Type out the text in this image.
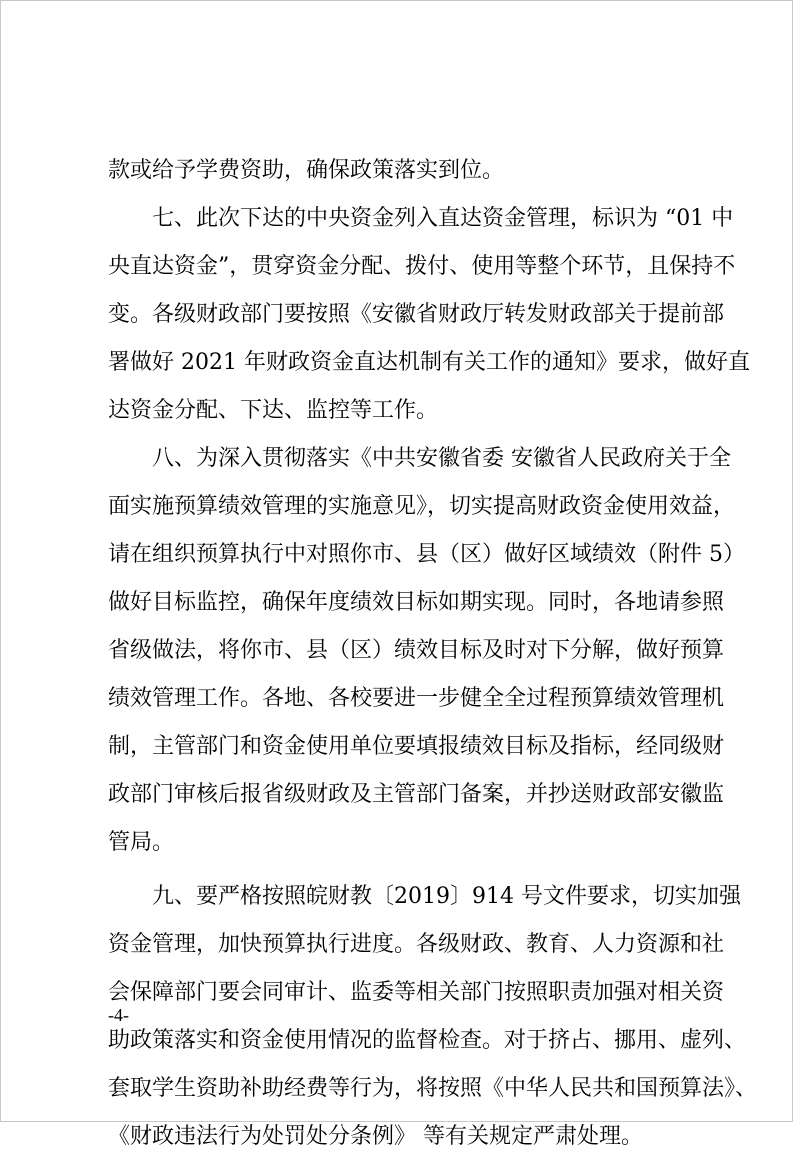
款或给予学费资助，确保政策落实到位。
七、此次下达的中央资金列入直达资金管理，标识为 “01 中
央直达资金”，贯穿资金分配、拨付、使用等整个环节，且保持不
变。各级财政部门要按照《安徽省财政厅转发财政部关于提前部
署做好 2021 年财政资金直达机制有关工作的通知》要求，做好直
达资金分配、下达、监控等工作。
八、为深入贯彻落实《中共安徽省委 安徽省人民政府关于全
面实施预算绩效管理的实施意见》，切实提高财政资金使用效益，
请在组织预算执行中对照你市、县（区）做好区域绩效（附件 5）
做好目标监控，确保年度绩效目标如期实现。同时，各地请参照
省级做法，将你市、县（区）绩效目标及时对下分解，做好预算
绩效管理工作。各地、各校要进一步健全全过程预算绩效管理机
制，主管部门和资金使用单位要填报绩效目标及指标，经同级财
政部门审核后报省级财政及主管部门备案，并抄送财政部安徽监
管局。
九、要严格按照皖财教〔2019〕914 号文件要求，切实加强
资金管理，加快预算执行进度。各级财政、教育、人力资源和社
会保障部门要会同审计、监委等相关部门按照职责加强对相关资
助政策落实和资金使用情况的监督检查。对于挤占、挪用、虚列、
套取学生资助补助经费等行为，将按照《中华人民共和国预算法》、
《财政违法行为处罚处分条例》 等有关规定严肃处理。
-4-
